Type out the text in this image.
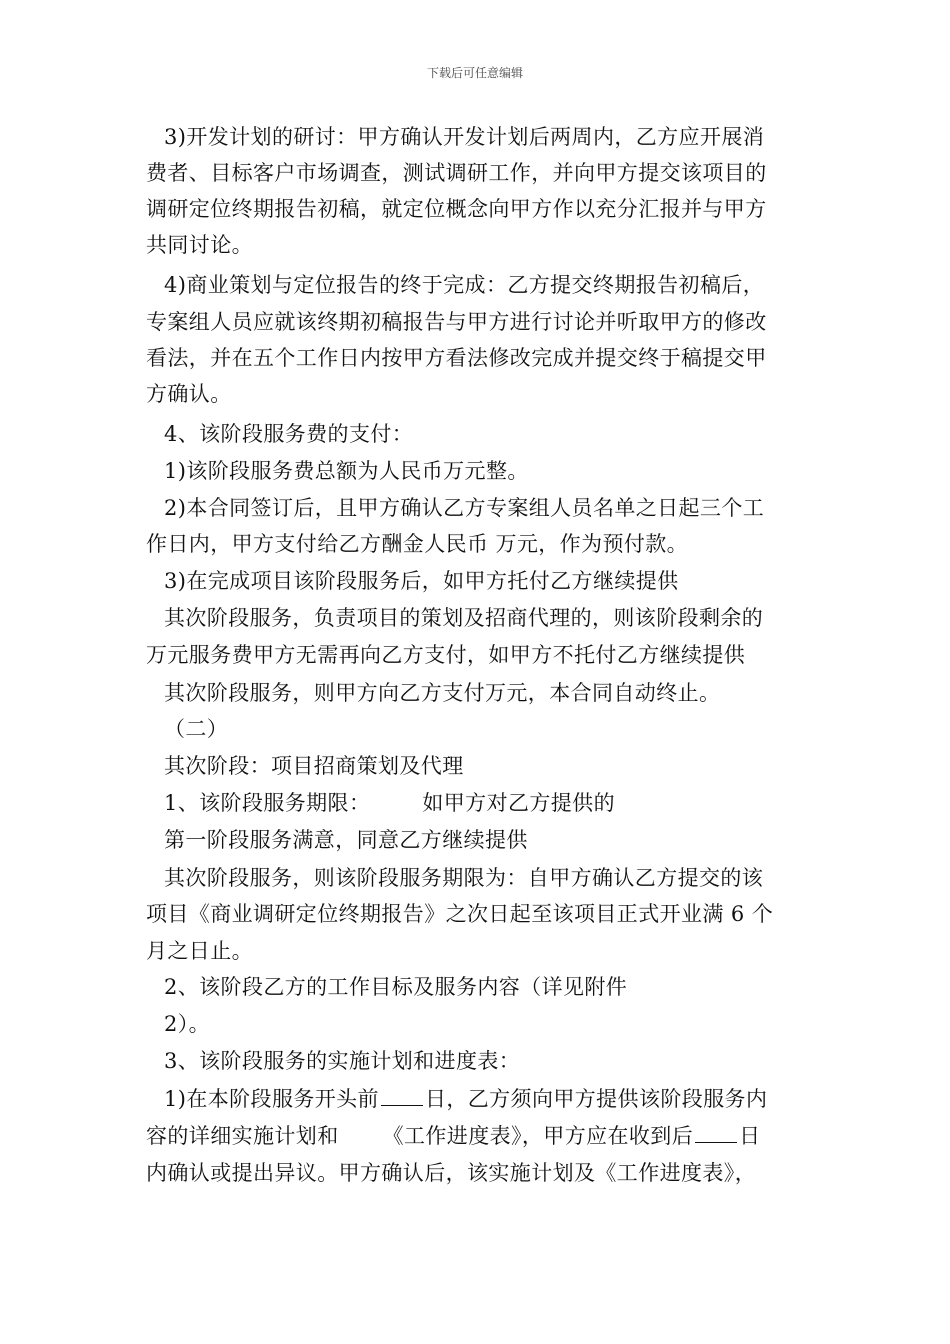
下载后可任意编辑
3)开发计划的研讨：甲方确认开发计划后两周内，乙方应开展消
费者、目标客户市场调查，测试调研工作，并向甲方提交该项目的
调研定位终期报告初稿，就定位概念向甲方作以充分汇报并与甲方
共同讨论。
4)商业策划与定位报告的终于完成：乙方提交终期报告初稿后，
专案组人员应就该终期初稿报告与甲方进行讨论并听取甲方的修改
看法，并在五个工作日内按甲方看法修改完成并提交终于稿提交甲
方确认。
4、该阶段服务费的支付：
1)该阶段服务费总额为人民币万元整。
2)本合同签订后，且甲方确认乙方专案组人员名单之日起三个工
作日内，甲方支付给乙方酬金人民币 万元，作为预付款。
3)在完成项目该阶段服务后，如甲方托付乙方继续提供
其次阶段服务，负责项目的策划及招商代理的，则该阶段剩余的
万元服务费甲方无需再向乙方支付，如甲方不托付乙方继续提供
其次阶段服务，则甲方向乙方支付万元，本合同自动终止。
（二）
其次阶段：项目招商策划及代理
1、该阶段服务期限： 如甲方对乙方提供的
第一阶段服务满意，同意乙方继续提供
其次阶段服务，则该阶段服务期限为：自甲方确认乙方提交的该
项目《商业调研定位终期报告》之次日起至该项目正式开业满 6 个
月之日止。
2、该阶段乙方的工作目标及服务内容（详见附件
2）。
3、该阶段服务的实施计划和进度表：
1)在本阶段服务开头前 日，乙方须向甲方提供该阶段服务内
容的详细实施计划和 《工作进度表》，甲方应在收到后 日
内确认或提出异议。甲方确认后，该实施计划及《工作进度表》，
